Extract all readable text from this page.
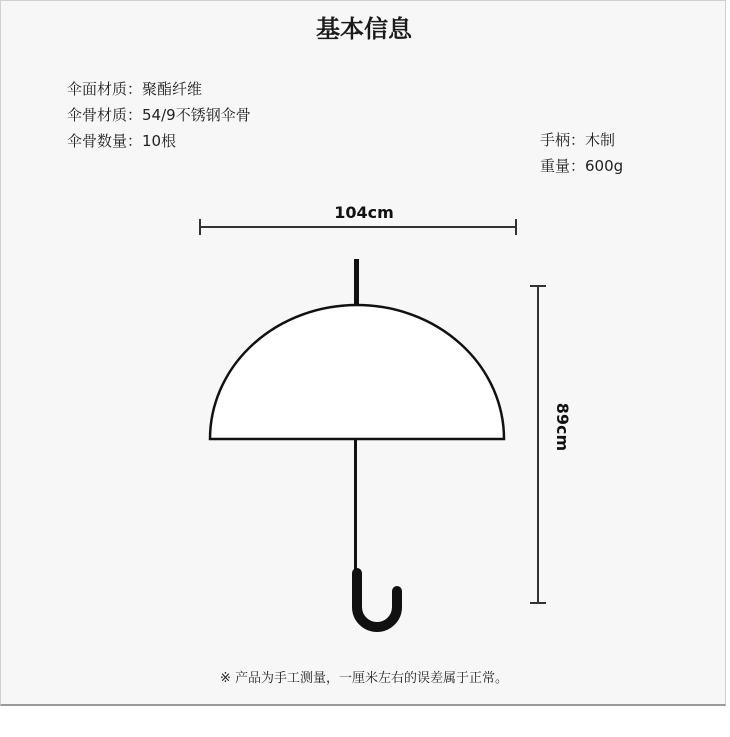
基本信息
伞面材质：聚酯纤维
伞骨材质：54/9不锈钢伞骨
伞骨数量：10根	手柄：木制
重量：600g
104cm
89cm
※ 产品为手工测量，一厘米左右的误差属于正常。
